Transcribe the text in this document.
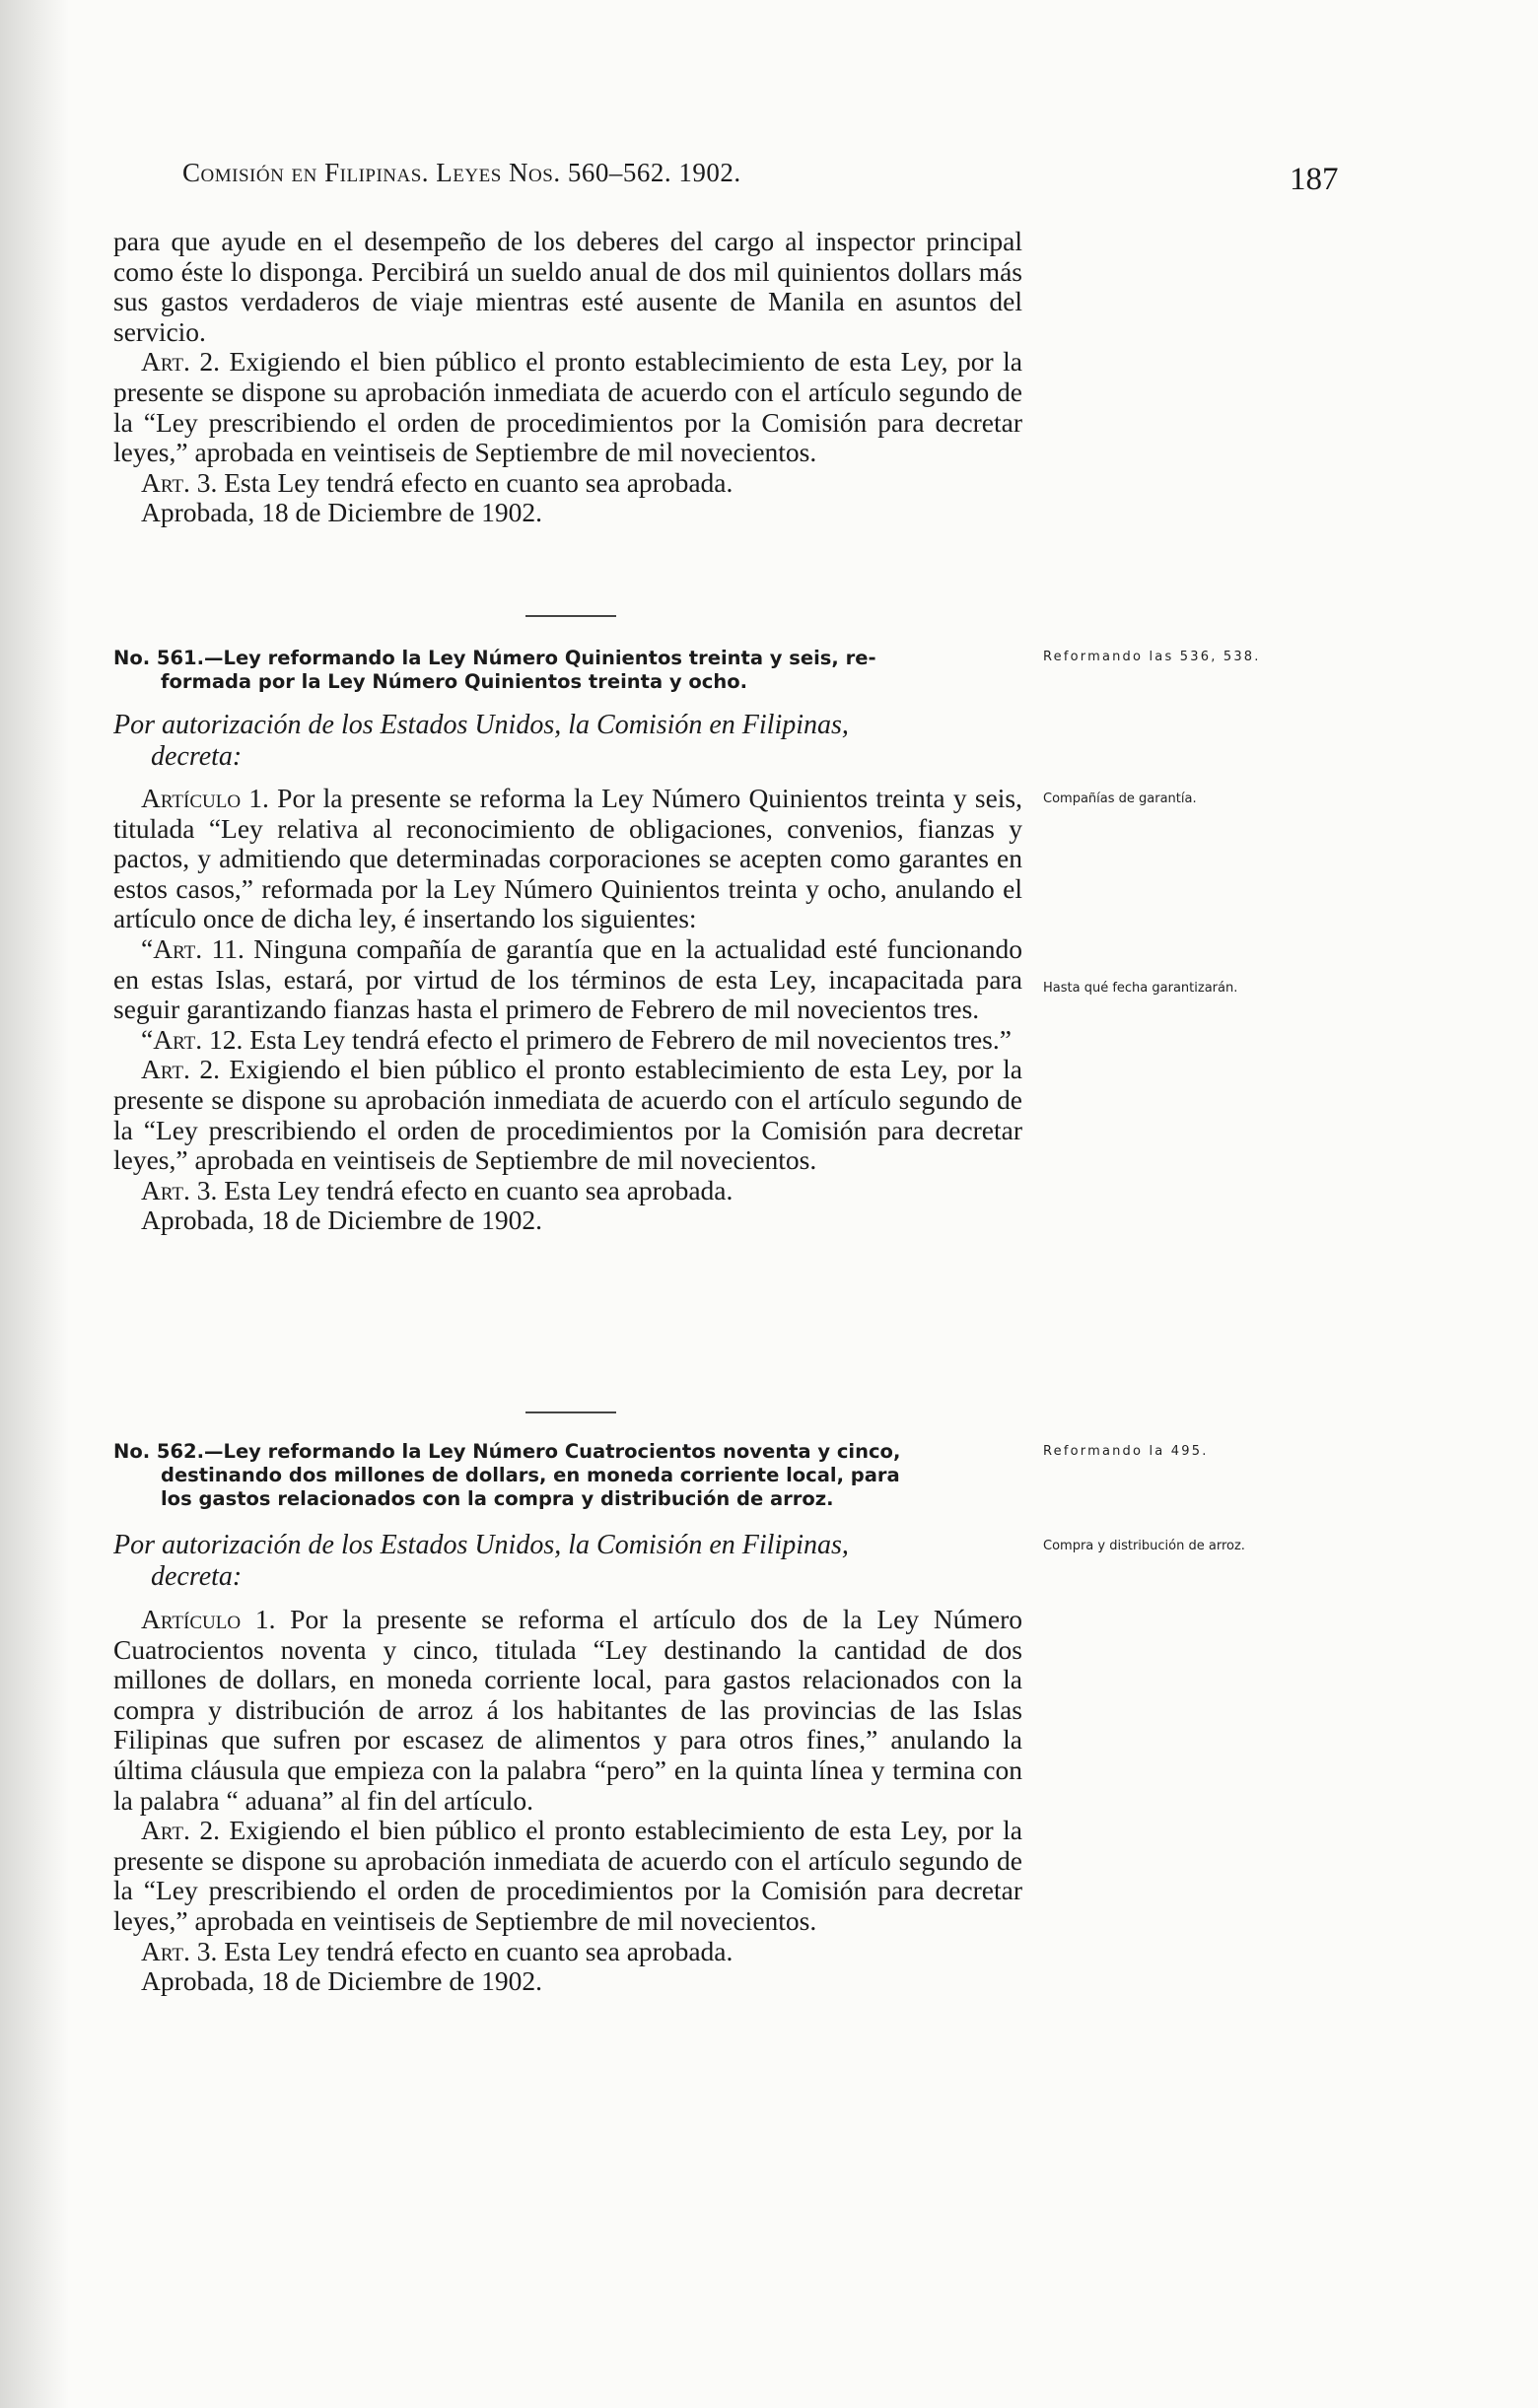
Comisión en Filipinas. Leyes Nos. 560–562. 1902.	187

para que ayude en el desempeño de los deberes del cargo al inspector principal como éste lo disponga. Percibirá un sueldo anual de dos mil quinientos dollars más sus gastos verdaderos de viaje mientras esté ausente de Manila en asuntos del servicio.

Art. 2. Exigiendo el bien público el pronto establecimiento de esta Ley, por la presente se dispone su aprobación inmediata de acuerdo con el artículo segundo de la “Ley prescribiendo el orden de procedimientos por la Comisión para decretar leyes,” aprobada en veintiseis de Septiembre de mil novecientos.

Art. 3. Esta Ley tendrá efecto en cuanto sea aprobada.

Aprobada, 18 de Diciembre de 1902.

No. 561.—Ley reformando la Ley Número Quinientos treinta y seis, re-
formada por la Ley Número Quinientos treinta y ocho.
Reformando las 536, 538.
Por autorización de los Estados Unidos, la Comisión en Filipinas,
decreta:

Artículo 1. Por la presente se reforma la Ley Número Quinientos treinta y seis, titulada “Ley relativa al reconocimiento de obligaciones, convenios, fianzas y pactos, y admitiendo que determinadas corporaciones se acepten como garantes en estos casos,” reformada por la Ley Número Quinientos treinta y ocho, anulando el artículo once de dicha ley, é insertando los siguientes:

“Art. 11. Ninguna compañía de garantía que en la actualidad esté funcionando en estas Islas, estará, por virtud de los términos de esta Ley, incapacitada para seguir garantizando fianzas hasta el primero de Febrero de mil novecientos tres.

“Art. 12. Esta Ley tendrá efecto el primero de Febrero de mil novecientos tres.”

Art. 2. Exigiendo el bien público el pronto establecimiento de esta Ley, por la presente se dispone su aprobación inmediata de acuerdo con el artículo segundo de la “Ley prescribiendo el orden de procedimientos por la Comisión para decretar leyes,” aprobada en veintiseis de Septiembre de mil novecientos.

Art. 3. Esta Ley tendrá efecto en cuanto sea aprobada.

Aprobada, 18 de Diciembre de 1902.

Compañías de garantía.
Hasta qué fecha garantizarán.
No. 562.—Ley reformando la Ley Número Cuatrocientos noventa y cinco,
destinando dos millones de dollars, en moneda corriente local, para
los gastos relacionados con la compra y distribución de arroz.
Reformando la 495.
Por autorización de los Estados Unidos, la Comisión en Filipinas,
decreta:
Compra y distribución de arroz.

Artículo 1. Por la presente se reforma el artículo dos de la Ley Número Cuatrocientos noventa y cinco, titulada “Ley destinando la cantidad de dos millones de dollars, en moneda corriente local, para gastos relacionados con la compra y distribución de arroz á los habitantes de las provincias de las Islas Filipinas que sufren por escasez de alimentos y para otros fines,” anulando la última cláusula que empieza con la palabra “pero” en la quinta línea y termina con la palabra “ aduana” al fin del artículo.

Art. 2. Exigiendo el bien público el pronto establecimiento de esta Ley, por la presente se dispone su aprobación inmediata de acuerdo con el artículo segundo de la “Ley prescribiendo el orden de procedimientos por la Comisión para decretar leyes,” aprobada en veintiseis de Septiembre de mil novecientos.

Art. 3. Esta Ley tendrá efecto en cuanto sea aprobada.

Aprobada, 18 de Diciembre de 1902.
